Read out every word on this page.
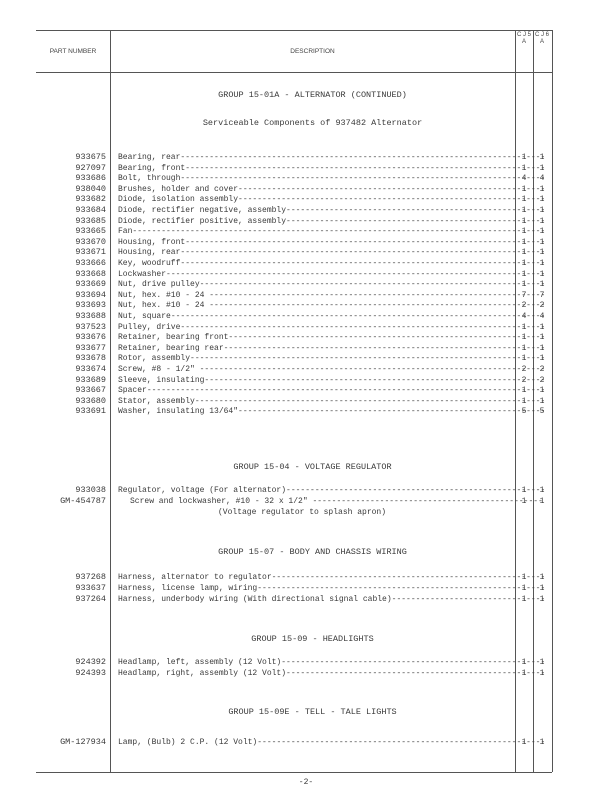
PART NUMBER	DESCRIPTION
C J 5 A
C J 6 A
GROUP 15-01A - ALTERNATOR (CONTINUED)
Serviceable Components of 937482 Alternator
933675 Bearing, rear -----	1	1
927097 Bearing, front -----	1	1
933686 Bolt, through -----	4	4
938040 Brushes, holder and cover -----	1	1
933682 Diode, isolation assembly -----	1	1
933684 Diode, rectifier negative, assembly -----	1	1
933685 Diode, rectifier positive, assembly -----	1	1
933665 Fan -----	1	1
933670 Housing, front -----	1	1
933671 Housing, rear -----	1	1
933666 Key, woodruff -----	1	1
933668 Lockwasher -----	1	1
933669 Nut, drive pulley -----	1	1
933694 Nut, hex. #10 - 24 -----	7	7
933693 Nut, hex. #10 - 24 -----	2	2
933688 Nut, square -----	4	4
937523 Pulley, drive -----	1	1
933676 Retainer, bearing front -----	1	1
933677 Retainer, bearing rear -----	1	1
933678 Rotor, assembly -----	1	1
933674 Screw, #8 - 1/2" -----	2	2
933689 Sleeve, insulating -----	2	2
933667 Spacer -----	1	1
933680 Stator, assembly -----	1	1
933691 Washer, insulating 13/64" -----	5	5
GROUP 15-04 - VOLTAGE REGULATOR
933038 Regulator, voltage (For alternator) -----	1	1
GM-454787	Screw and lockwasher, #10 - 32 x 1/2" -----	1	1
(Voltage regulator to splash apron)
GROUP 15-07 - BODY AND CHASSIS WIRING
937268 Harness, alternator to regulator -----	1	1
933637 Harness, license lamp, wiring -----	1	1
937264 Harness, underbody wiring (With directional signal cable) -----	1	1
GROUP 15-09 - HEADLIGHTS
924392 Headlamp, left, assembly (12 Volt) -----	1	1
924393 Headlamp, right, assembly (12 Volt) -----	1	1
GROUP 15-09E - TELL - TALE LIGHTS
GM-127934 Lamp, (Bulb) 2 C.P. (12 Volt) -----	1	1
-2-
